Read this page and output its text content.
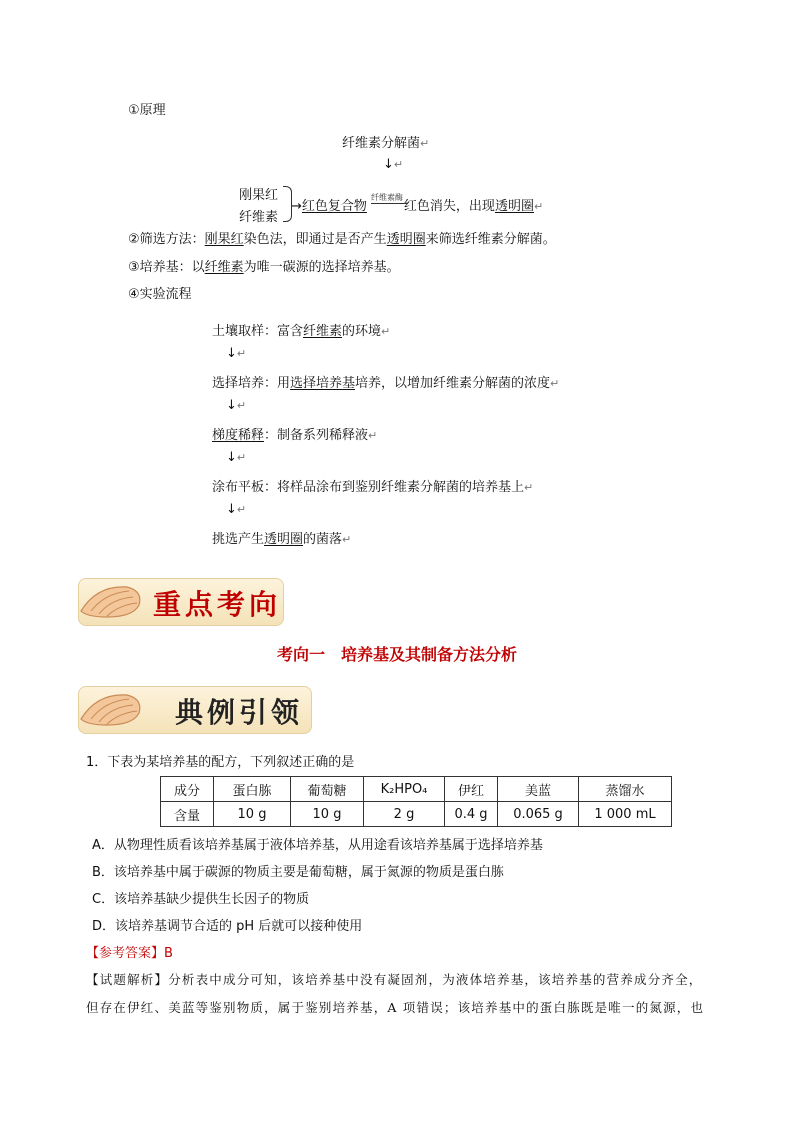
①原理
纤维素分解菌↵
↓↵
刚果红
纤维素
→红色复合物	红色消失，出现透明圈↵
纤维素酶
②筛选方法：刚果红染色法，即通过是否产生透明圈来筛选纤维素分解菌。
③培养基：以纤维素为唯一碳源的选择培养基。
④实验流程
土壤取样：富含纤维素的环境↵
↓↵
选择培养：用选择培养基培养，以增加纤维素分解菌的浓度↵
↓↵
梯度稀释：制备系列稀释液↵
↓↵
涂布平板：将样品涂布到鉴别纤维素分解菌的培养基上↵
↓↵
挑选产生透明圈的菌落↵
重点考向
考向一　培养基及其制备方法分析
典例引领
1．下表为某培养基的配方，下列叙述正确的是
成分	蛋白胨	葡萄糖	K₂HPO₄	伊红	美蓝	蒸馏水
含量	10 g	10 g	2 g	0.4 g	0.065 g	1 000 mL
A．从物理性质看该培养基属于液体培养基，从用途看该培养基属于选择培养基
B．该培养基中属于碳源的物质主要是葡萄糖，属于氮源的物质是蛋白胨
C．该培养基缺少提供生长因子的物质
D．该培养基调节合适的 pH 后就可以接种使用
【参考答案】B
【试题解析】分析表中成分可知，该培养基中没有凝固剂，为液体培养基，该培养基的营养成分齐全，
但存在伊红、美蓝等鉴别物质，属于鉴别培养基，A 项错误；该培养基中的蛋白胨既是唯一的氮源，也
